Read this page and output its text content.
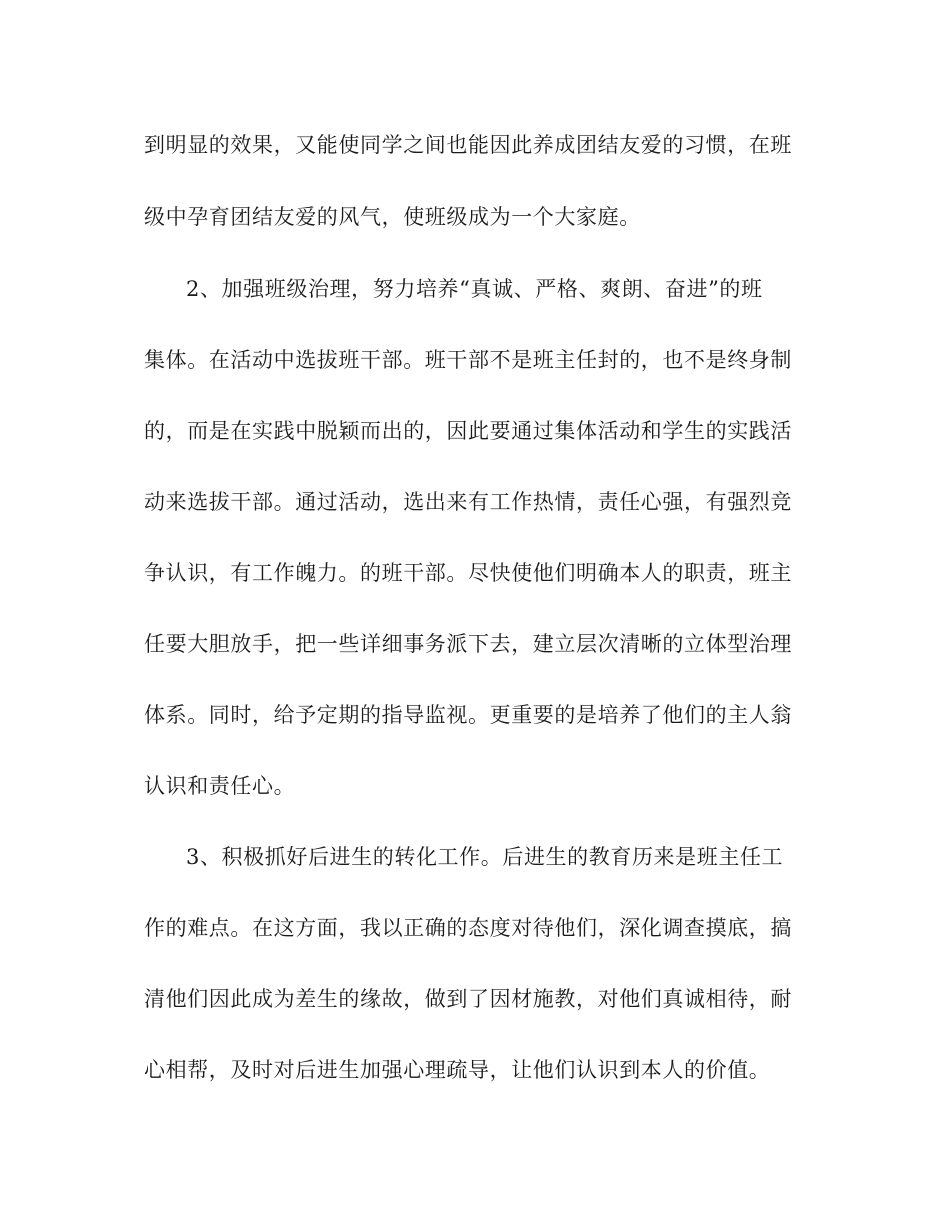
到明显的效果，又能使同学之间也能因此养成团结友爱的习惯，在班
级中孕育团结友爱的风气，使班级成为一个大家庭。
2、加强班级治理，努力培养“真诚、严格、爽朗、奋进”的班
集体。在活动中选拔班干部。班干部不是班主任封的，也不是终身制
的，而是在实践中脱颖而出的，因此要通过集体活动和学生的实践活
动来选拔干部。通过活动，选出来有工作热情，责任心强，有强烈竞
争认识，有工作魄力。的班干部。尽快使他们明确本人的职责，班主
任要大胆放手，把一些详细事务派下去，建立层次清晰的立体型治理
体系。同时，给予定期的指导监视。更重要的是培养了他们的主人翁
认识和责任心。
3、积极抓好后进生的转化工作。后进生的教育历来是班主任工
作的难点。在这方面，我以正确的态度对待他们，深化调查摸底，搞
清他们因此成为差生的缘故，做到了因材施教，对他们真诚相待，耐
心相帮，及时对后进生加强心理疏导，让他们认识到本人的价值。
